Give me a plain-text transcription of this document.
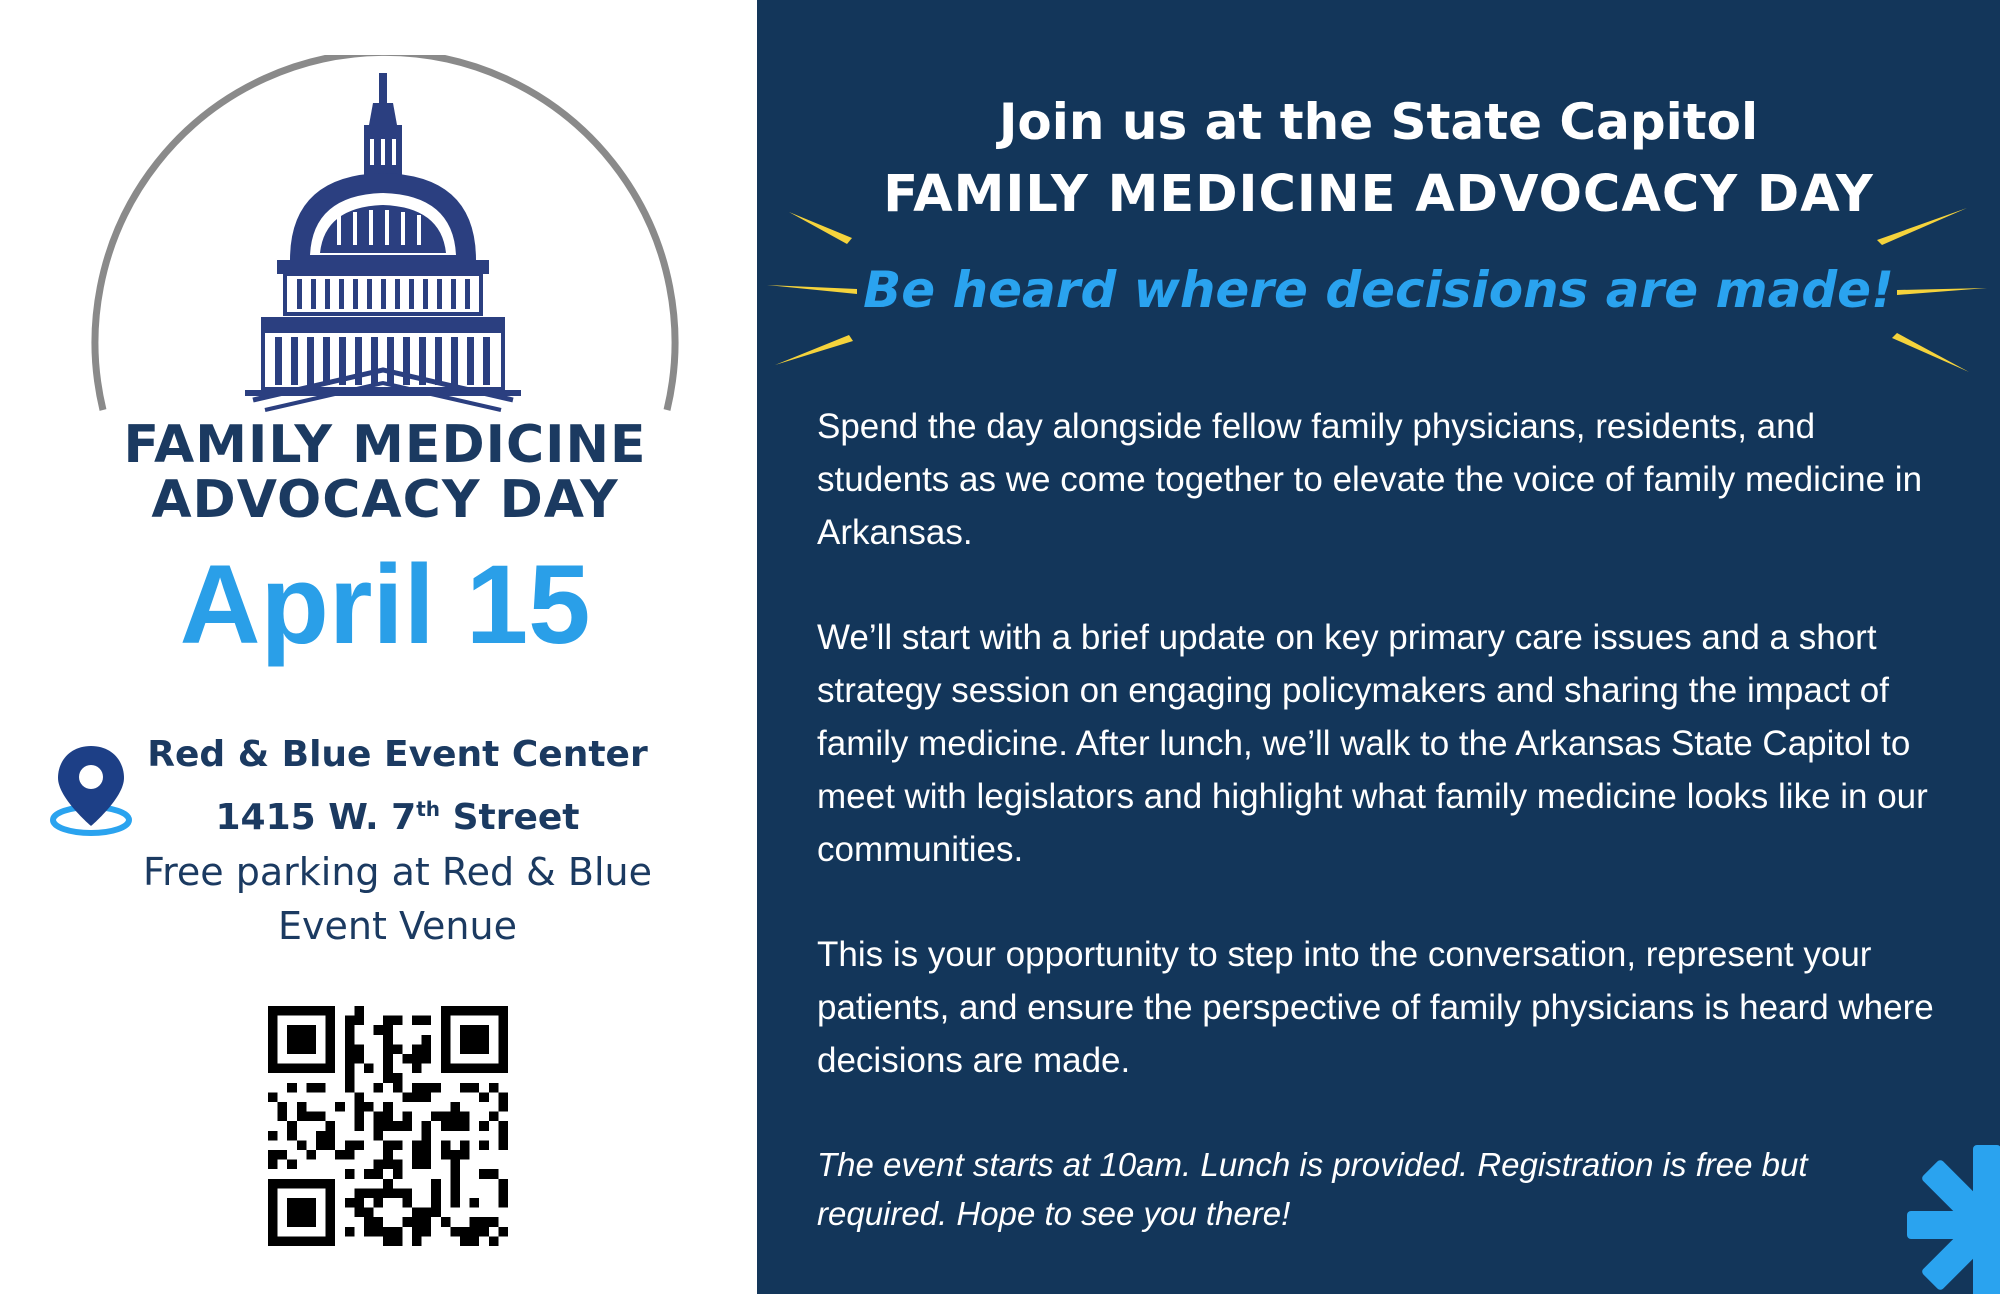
FAMILY MEDICINE
ADVOCACY DAY
April 15
Red & Blue Event Center
1415 W. 7th Street
Free parking at Red & Blue Event Venue
Join us at the State Capitol
FAMILY MEDICINE ADVOCACY DAY
Be heard where decisions are made!

Spend the day alongside fellow family physicians, residents, and students as we come together to elevate the voice of family medicine in Arkansas.

We’ll start with a brief update on key primary care issues and a short strategy session on engaging policymakers and sharing the impact of family medicine. After lunch, we’ll walk to the Arkansas State Capitol to meet with legislators and highlight what family medicine looks like in our communities.

This is your opportunity to step into the conversation, represent your patients, and ensure the perspective of family physicians is heard where decisions are made.

The event starts at 10am. Lunch is provided. Registration is free but required. Hope to see you there!
